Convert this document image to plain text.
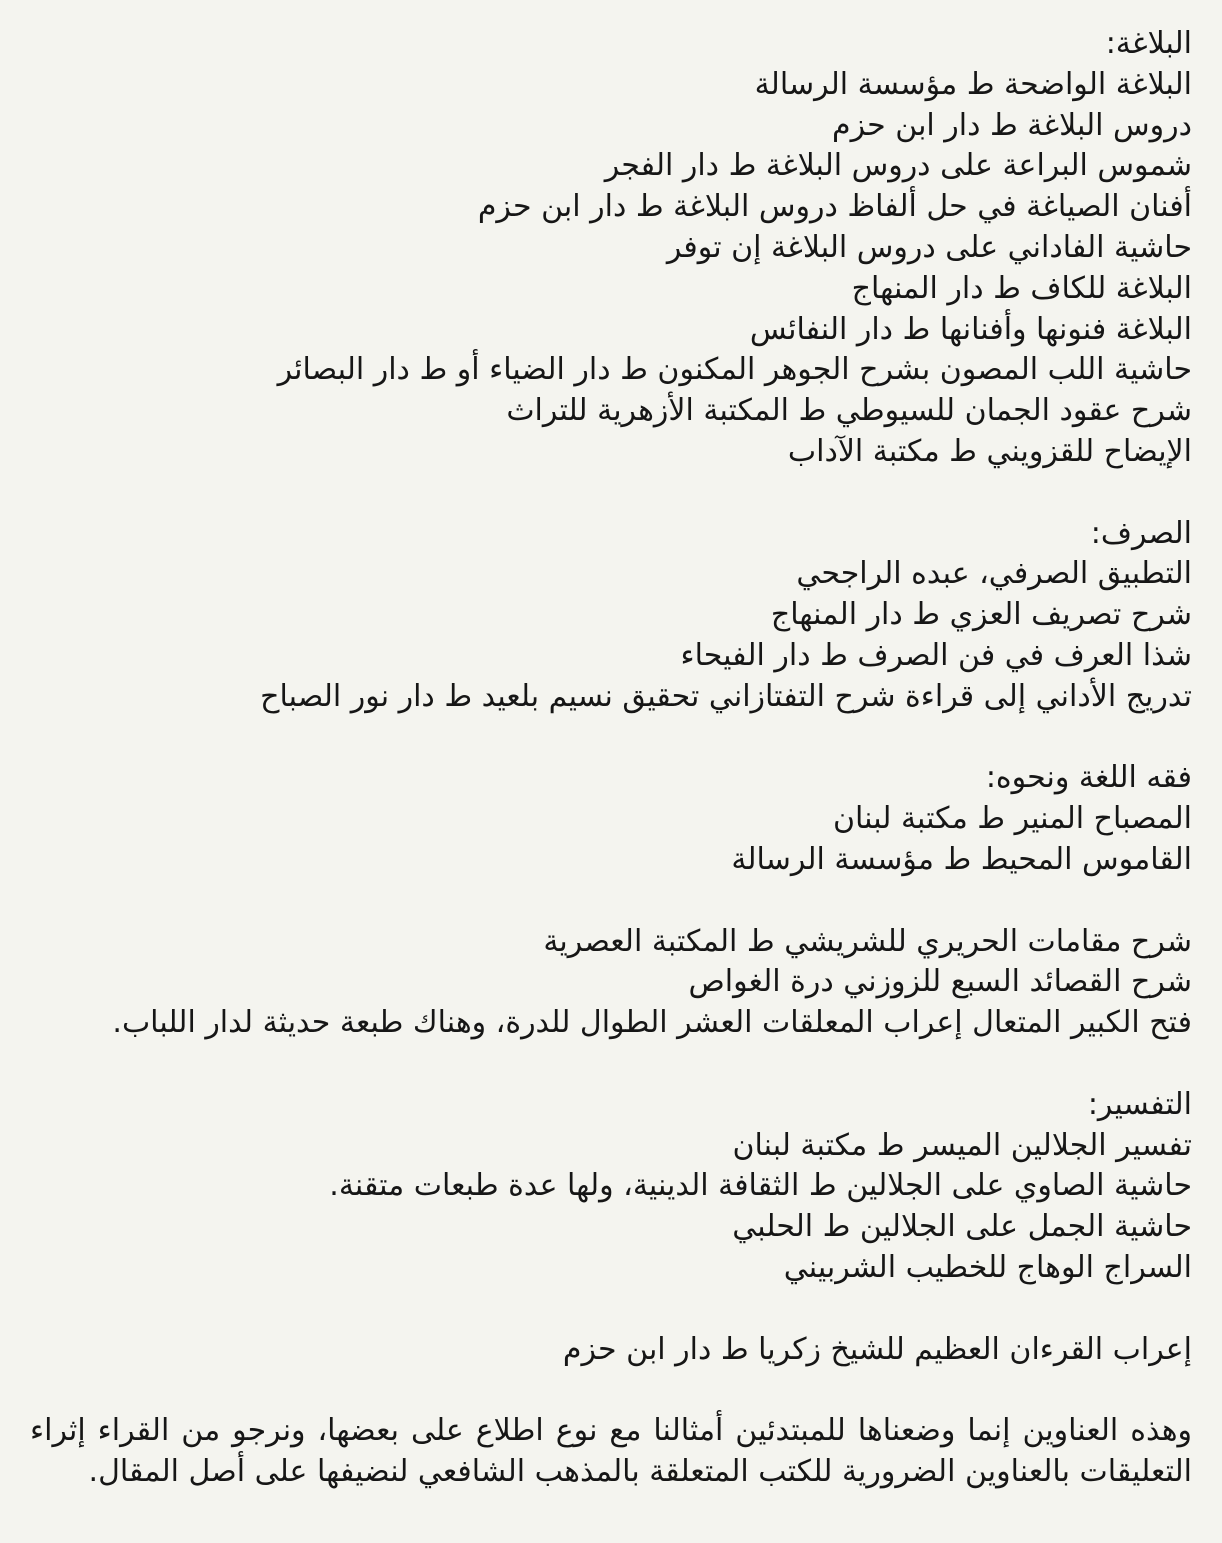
البلاغة:
البلاغة الواضحة ط مؤسسة الرسالة
دروس البلاغة ط دار ابن حزم
شموس البراعة على دروس البلاغة ط دار الفجر
أفنان الصياغة في حل ألفاظ دروس البلاغة ط دار ابن حزم
حاشية الفاداني على دروس البلاغة إن توفر
البلاغة للكاف ط دار المنهاج
البلاغة فنونها وأفنانها ط دار النفائس
حاشية اللب المصون بشرح الجوهر المكنون ط دار الضياء أو ط دار البصائر
شرح عقود الجمان للسيوطي ط المكتبة الأزهرية للتراث
الإيضاح للقزويني ط مكتبة الآداب
الصرف:
التطبيق الصرفي، عبده الراجحي
شرح تصريف العزي ط دار المنهاج
شذا العرف في فن الصرف ط دار الفيحاء
تدريج الأداني إلى قراءة شرح التفتازاني تحقيق نسيم بلعيد ط دار نور الصباح
فقه اللغة ونحوه:
المصباح المنير ط مكتبة لبنان
القاموس المحيط ط مؤسسة الرسالة
شرح مقامات الحريري للشريشي ط المكتبة العصرية
شرح القصائد السبع للزوزني درة الغواص
فتح الكبير المتعال إعراب المعلقات العشر الطوال للدرة، وهناك طبعة حديثة لدار اللباب.
التفسير:
تفسير الجلالين الميسر ط مكتبة لبنان
حاشية الصاوي على الجلالين ط الثقافة الدينية، ولها عدة طبعات متقنة.
حاشية الجمل على الجلالين ط الحلبي
السراج الوهاج للخطيب الشربيني
إعراب القرءان العظيم للشيخ زكريا ط دار ابن حزم
وهذه العناوين إنما وضعناها للمبتدئين أمثالنا مع نوع اطلاع على بعضها، ونرجو من القراء إثراء التعليقات بالعناوين الضرورية للكتب المتعلقة بالمذهب الشافعي لنضيفها على أصل المقال.
